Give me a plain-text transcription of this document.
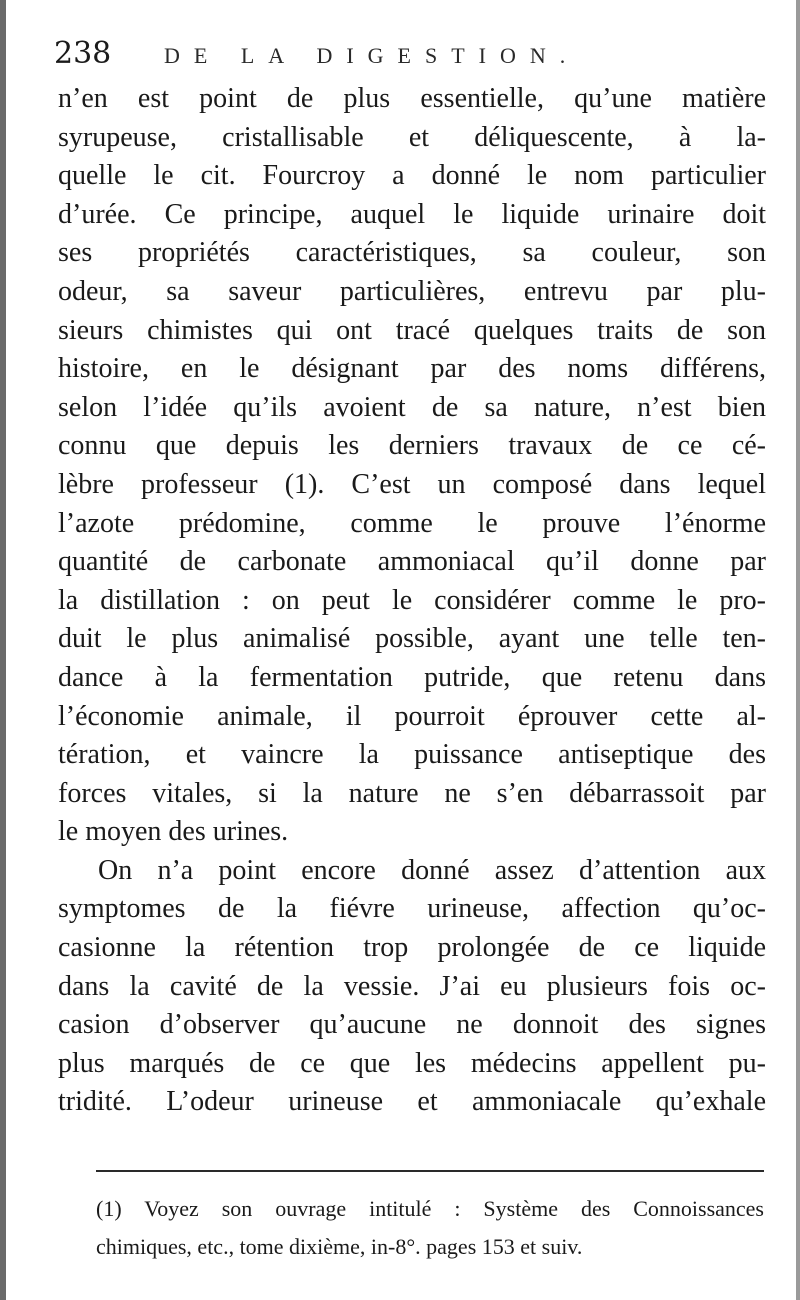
238	DE LA DIGESTION.
n’en est point de plus essentielle, qu’une matière
syrupeuse, cristallisable et déliquescente, à la-
quelle le cit. Fourcroy a donné le nom particulier
d’urée. Ce principe, auquel le liquide urinaire doit
ses propriétés caractéristiques, sa couleur, son
odeur, sa saveur particulières, entrevu par plu-
sieurs chimistes qui ont tracé quelques traits de son
histoire, en le désignant par des noms différens,
selon l’idée qu’ils avoient de sa nature, n’est bien
connu que depuis les derniers travaux de ce cé-
lèbre professeur (1). C’est un composé dans lequel
l’azote prédomine, comme le prouve l’énorme
quantité de carbonate ammoniacal qu’il donne par
la distillation : on peut le considérer comme le pro-
duit le plus animalisé possible, ayant une telle ten-
dance à la fermentation putride, que retenu dans
l’économie animale, il pourroit éprouver cette al-
tération, et vaincre la puissance antiseptique des
forces vitales, si la nature ne s’en débarrassoit par
le moyen des urines.
On n’a point encore donné assez d’attention aux
symptomes de la fiévre urineuse, affection qu’oc-
casionne la rétention trop prolongée de ce liquide
dans la cavité de la vessie. J’ai eu plusieurs fois oc-
casion d’observer qu’aucune ne donnoit des signes
plus marqués de ce que les médecins appellent pu-
tridité. L’odeur urineuse et ammoniacale qu’exhale
(1) Voyez son ouvrage intitulé : Système des Connoissances
chimiques, etc., tome dixième, in-8°. pages 153 et suiv.
